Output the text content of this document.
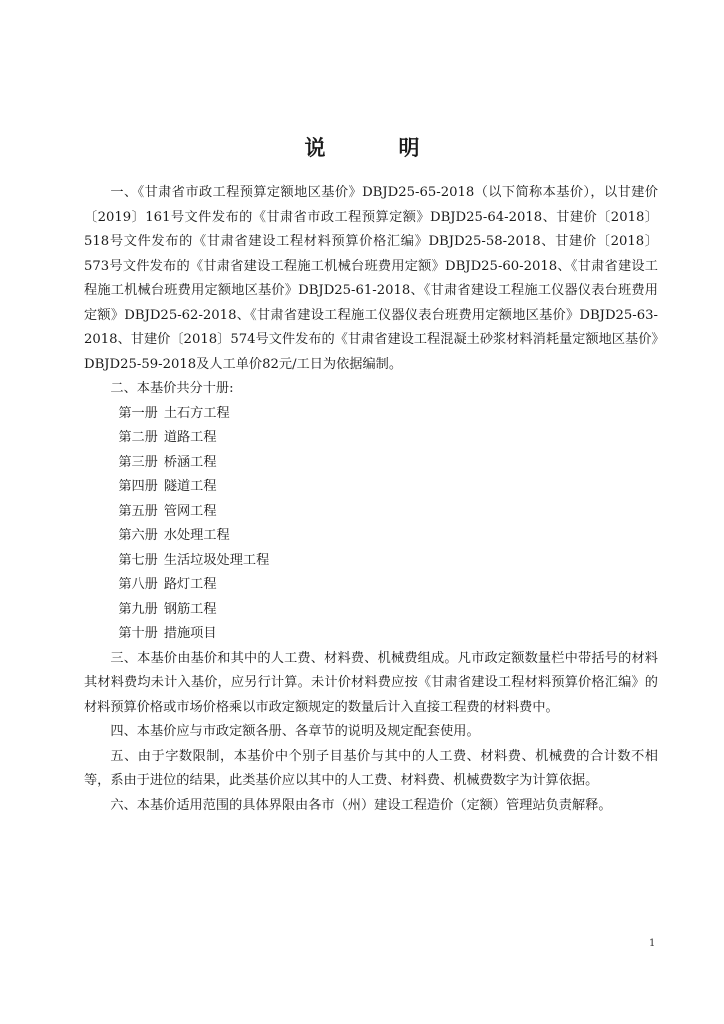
说　明

一、《甘肃省市政工程预算定额地区基价》DBJD25-65-2018（以下简称本基价），以甘建价〔2019〕161号文件发布的《甘肃省市政工程预算定额》DBJD25-64-2018、甘建价〔2018〕518号文件发布的《甘肃省建设工程材料预算价格汇编》DBJD25-58-2018、甘建价〔2018〕573号文件发布的《甘肃省建设工程施工机械台班费用定额》DBJD25-60-2018、《甘肃省建设工程施工机械台班费用定额地区基价》DBJD25-61-2018、《甘肃省建设工程施工仪器仪表台班费用定额》DBJD25-62-2018、《甘肃省建设工程施工仪器仪表台班费用定额地区基价》DBJD25-63-2018、甘建价〔2018〕574号文件发布的《甘肃省建设工程混凝土砂浆材料消耗量定额地区基价》DBJD25-59-2018及人工单价82元/工日为依据编制。

二、本基价共分十册:

第一册 土石方工程
第二册 道路工程
第三册 桥涵工程
第四册 隧道工程
第五册 管网工程
第六册 水处理工程
第七册 生活垃圾处理工程
第八册 路灯工程
第九册 钢筋工程
第十册 措施项目

三、本基价由基价和其中的人工费、材料费、机械费组成。凡市政定额数量栏中带括号的材料其材料费均未计入基价，应另行计算。未计价材料费应按《甘肃省建设工程材料预算价格汇编》的材料预算价格或市场价格乘以市政定额规定的数量后计入直接工程费的材料费中。

四、本基价应与市政定额各册、各章节的说明及规定配套使用。

五、由于字数限制，本基价中个别子目基价与其中的人工费、材料费、机械费的合计数不相等，系由于进位的结果，此类基价应以其中的人工费、材料费、机械费数字为计算依据。

六、本基价适用范围的具体界限由各市（州）建设工程造价（定额）管理站负责解释。

1
